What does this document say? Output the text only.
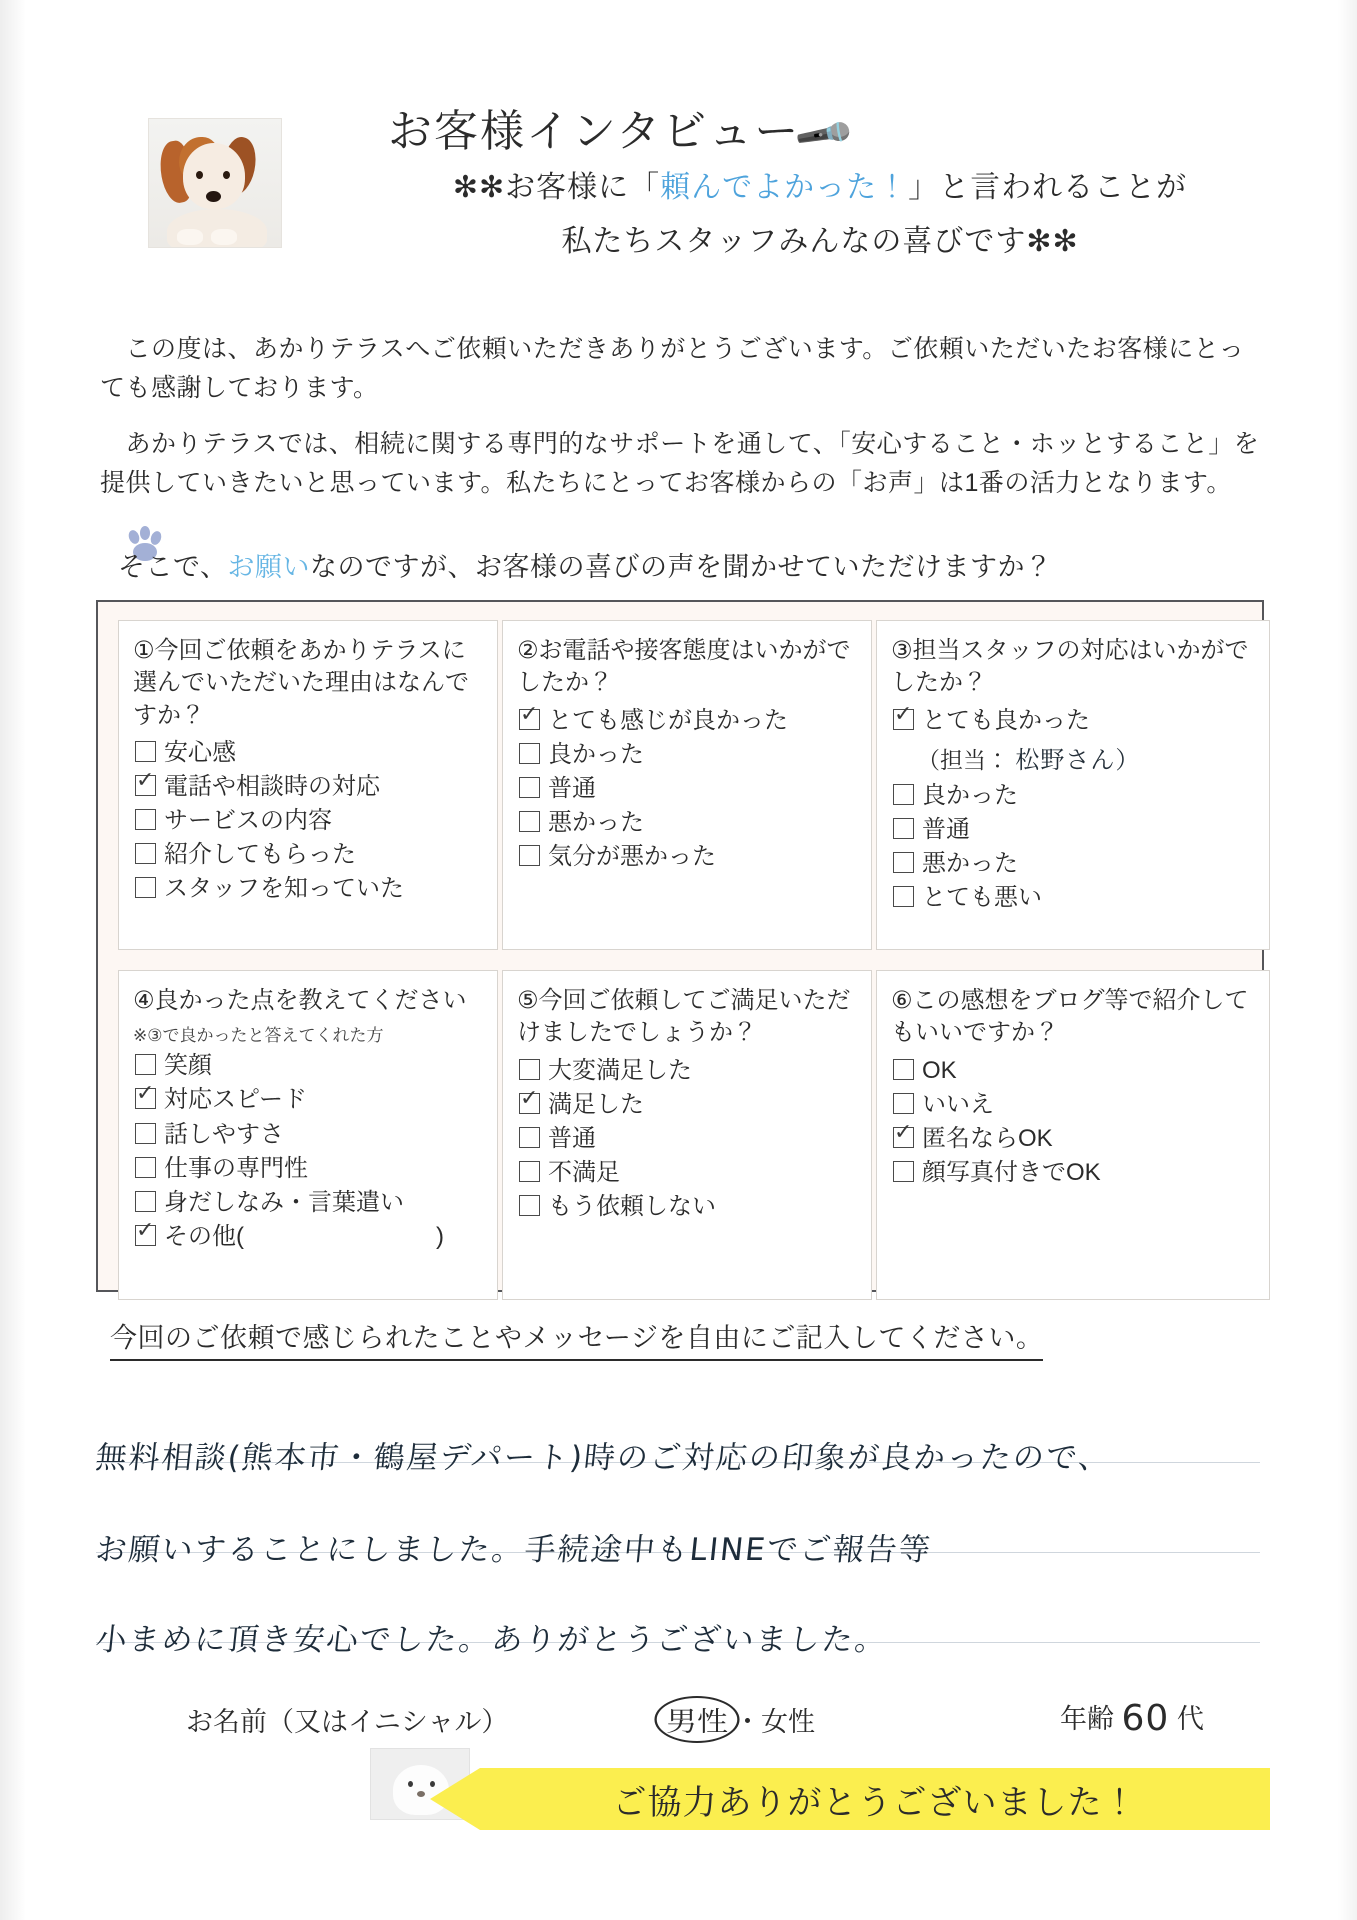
お客様インタビュー🎤
✻✻お客様に「頼んでよかった！」と言われることが
私たちスタッフみんなの喜びです✻✻
　この度は、あかりテラスへご依頼いただきありがとうございます。ご依頼いただいたお客様にとっても感謝しております。
　あかりテラスでは、相続に関する専門的なサポートを通して、「安心すること・ホッとすること」を提供していきたいと思っています。私たちにとってお客様からの「お声」は1番の活力となります。
そこで、お願いなのですが、お客様の喜びの声を聞かせていただけますか？
①今回ご依頼をあかりテラスに選んでいただいた理由はなんですか？
安心感
✓電話や相談時の対応
サービスの内容
紹介してもらった
スタッフを知っていた
②お電話や接客態度はいかがでしたか？
✓とても感じが良かった
良かった
普通
悪かった
気分が悪かった
③担当スタッフの対応はいかがでしたか？
✓とても良かった
（担当： 松野さん）
良かった
普通
悪かった
とても悪い
④良かった点を教えてください
※③で良かったと答えてくれた方
笑顔
✓対応スピード
話しやすさ
仕事の専門性
身だしなみ・言葉遣い
✓その他(　　　　　　　　)
⑤今回ご依頼してご満足いただけましたでしょうか？
大変満足した
✓満足した
普通
不満足
もう依頼しない
⑥この感想をブログ等で紹介してもいいですか？
OK
いいえ
✓匿名ならOK
顔写真付きでOK
今回のご依頼で感じられたことやメッセージを自由にご記入してください。
無料相談(熊本市・鶴屋デパート)時のご対応の印象が良かったので、
お願いすることにしました。手続途中もLINEでご報告等
小まめに頂き安心でした。ありがとうございました。
お名前（又はイニシャル）	男性 ・女性	年齢 60 代
ご協力ありがとうございました！
